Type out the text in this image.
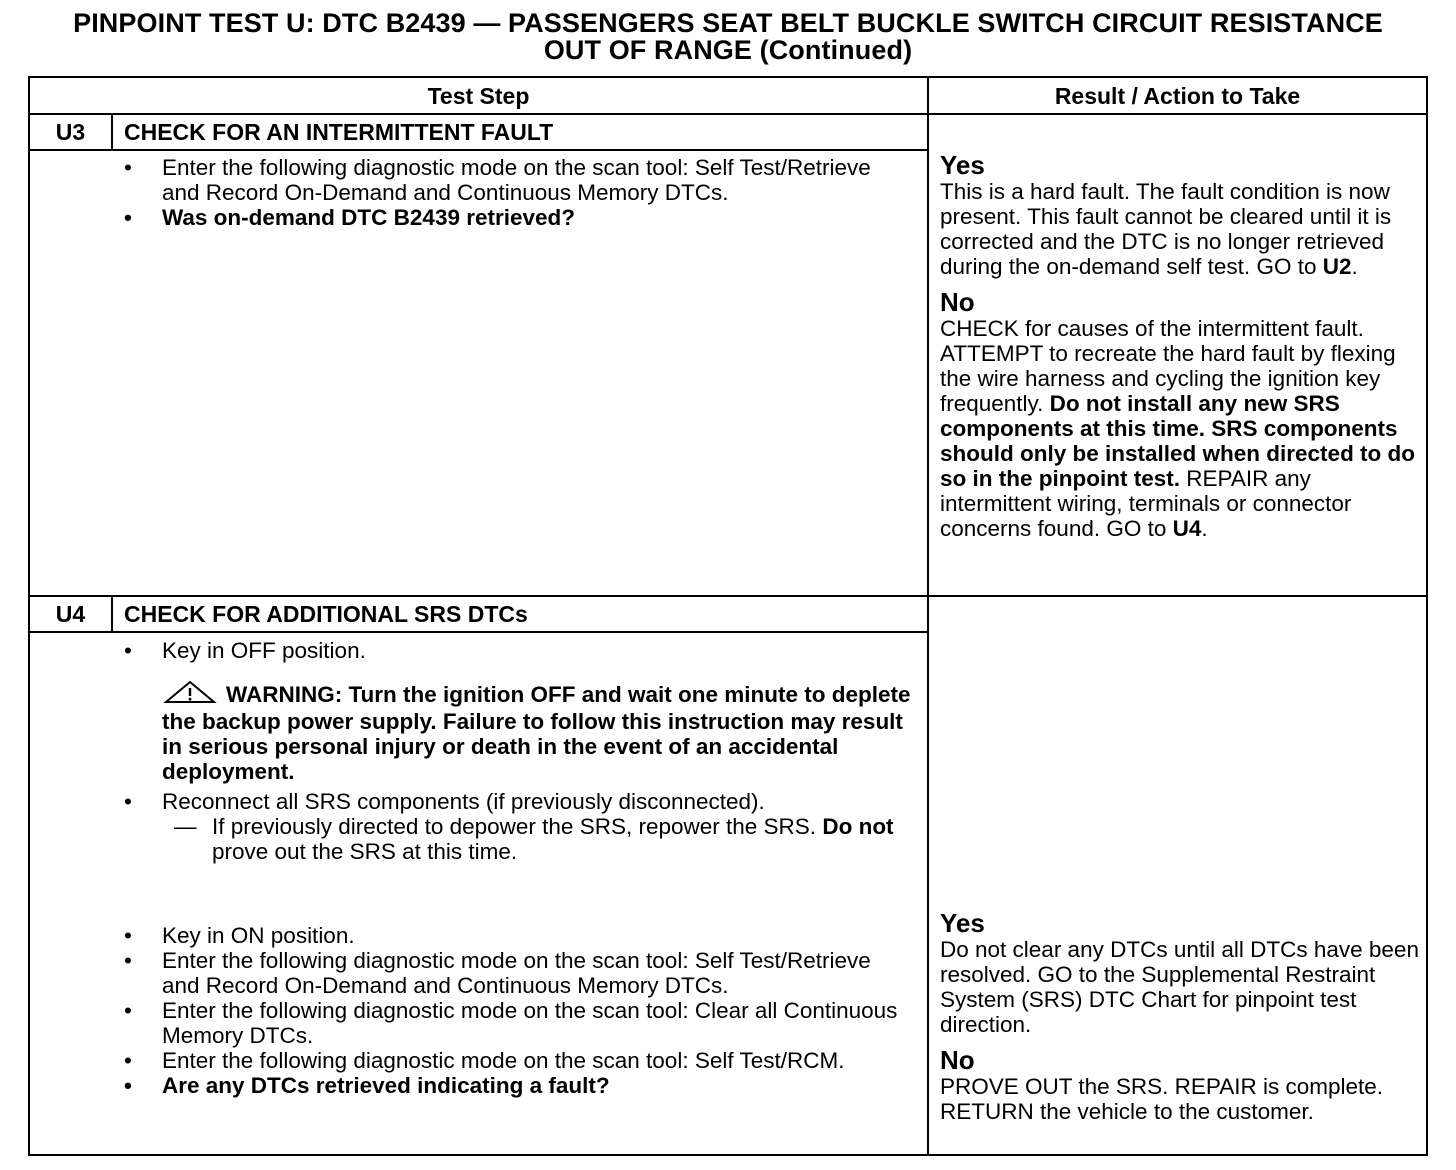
PINPOINT TEST U: DTC B2439 — PASSENGERS SEAT BELT BUCKLE SWITCH CIRCUIT RESISTANCE
OUT OF RANGE (Continued)
Test Step	Result / Action to Take
U3	CHECK FOR AN INTERMITTENT FAULT
•	Enter the following diagnostic mode on the scan tool: Self Test/Retrieve and Record On-Demand and Continuous Memory DTCs.
•	Was on-demand DTC B2439 retrieved?
Yes
This is a hard fault. The fault condition is now present. This fault cannot be cleared until it is corrected and the DTC is no longer retrieved during the on-demand self test. GO to U2.
No
CHECK for causes of the intermittent fault. ATTEMPT to recreate the hard fault by flexing the wire harness and cycling the ignition key frequently. Do not install any new SRS components at this time. SRS components should only be installed when directed to do so in the pinpoint test. REPAIR any intermittent wiring, terminals or connector concerns found. GO to U4.
U4	CHECK FOR ADDITIONAL SRS DTCs
•	Key in OFF position.
WARNING: Turn the ignition OFF and wait one minute to deplete the backup power supply. Failure to follow this instruction may result in serious personal injury or death in the event of an accidental deployment.
•	Reconnect all SRS components (if previously disconnected).
— If previously directed to depower the SRS, repower the SRS. Do not prove out the SRS at this time.
•	Key in ON position.
•	Enter the following diagnostic mode on the scan tool: Self Test/Retrieve and Record On-Demand and Continuous Memory DTCs.
•	Enter the following diagnostic mode on the scan tool: Clear all Continuous Memory DTCs.
•	Enter the following diagnostic mode on the scan tool: Self Test/RCM.
•	Are any DTCs retrieved indicating a fault?
Yes
Do not clear any DTCs until all DTCs have been resolved. GO to the Supplemental Restraint System (SRS) DTC Chart for pinpoint test direction.
No
PROVE OUT the SRS. REPAIR is complete. RETURN the vehicle to the customer.
